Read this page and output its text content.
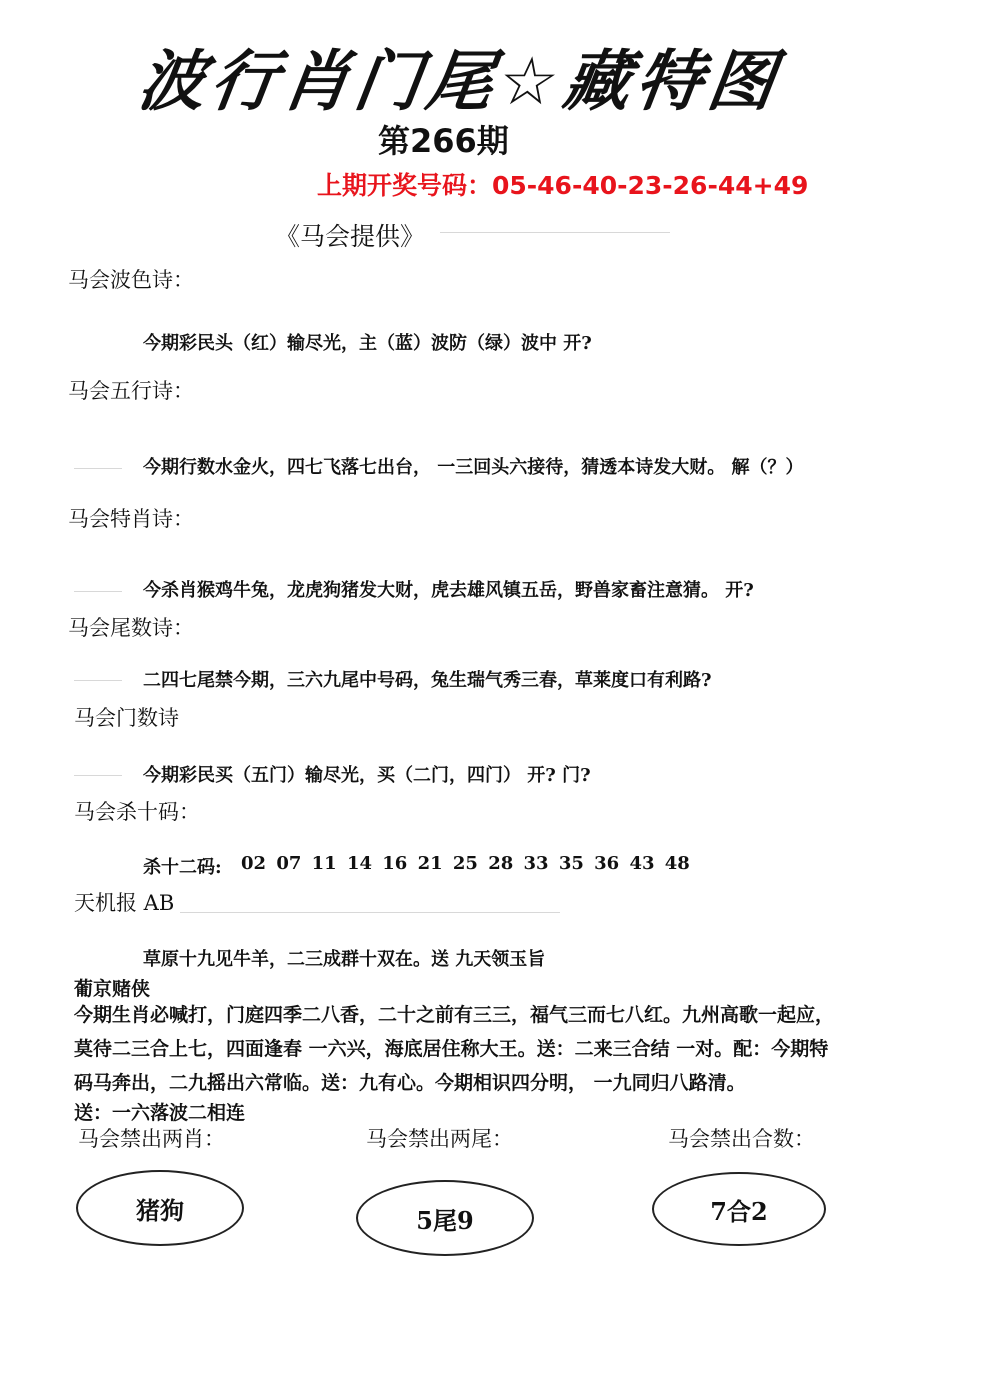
波行肖门尾☆藏特图
第266期
上期开奖号码：05-46-40-23-26-44+49
《马会提供》
马会波色诗：
今期彩民头（红）输尽光，主（蓝）波防（绿）波中 开?
马会五行诗：
今期行数水金火，四七飞落七出台， 一三回头六接待，猜透本诗发大财。 解（？）
马会特肖诗：
今杀肖猴鸡牛兔，龙虎狗猪发大财，虎去雄风镇五岳，野兽家畜注意猜。 开?
马会尾数诗：
二四七尾禁今期，三六九尾中号码，兔生瑞气秀三春，草莱度口有利路?
马会门数诗
今期彩民买（五门）输尽光，买（二门，四门） 开? 门?
马会杀十码：
杀十二码: 02 07 11 14 16 21 25 28 33 35 36 43 48
天机报 AB
草原十九见牛羊，二三成群十双在。送 九天领玉旨
葡京赌侠
今期生肖必喊打，门庭四季二八香，二十之前有三三，福气三而七八红。九州高歌一起应，
莫待二三合上七，四面逢春 一六兴，海底居住称大王。送：二来三合结 一对。配：今期特
码马奔出，二九摇出六常临。送：九有心。今期相识四分明， 一九同归八路清。
送：一六落波二相连
马会禁出两肖：	马会禁出两尾：	马会禁出合数：
猪狗	5尾9	7合2
